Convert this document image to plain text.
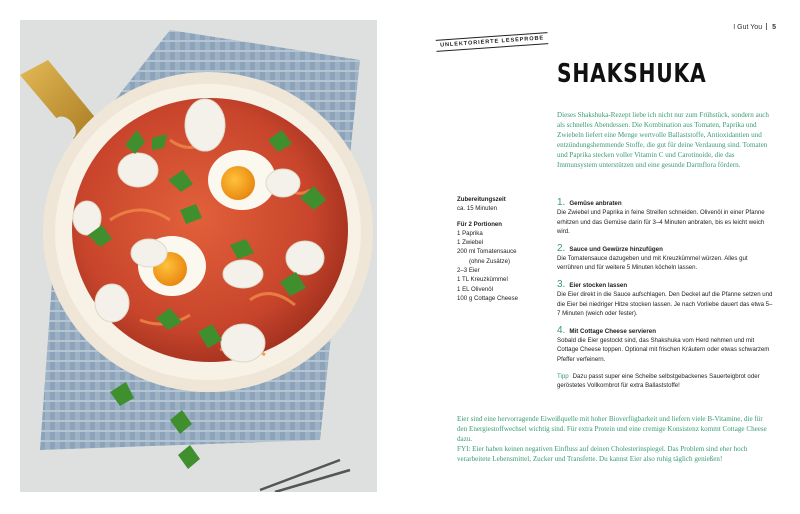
I Gut You 5
UNLEKTORIERTE LESEPROBE
SHAKSHUKA

Dieses Shakshuka-Rezept liebe ich nicht nur zum Frühstück, sondern auch als schnelles Abendessen. Die Kombination aus Tomaten, Paprika und Zwiebeln liefert eine Menge wertvolle Ballaststoffe, Antioxidantien und entzündungshemmende Stoffe, die gut für deine Verdauung sind. Tomaten und Paprika stecken voller Vitamin C und Carotinoide, die das Immunsystem unterstützen und eine gesunde Darmflora fördern.

Zubereitungszeit
ca. 15 Minuten
Für 2 Portionen
1 Paprika
1 Zwiebel
200 ml Tomatensauce
(ohne Zusätze)
2–3 Eier
1 TL Kreuzkümmel
1 EL Olivenöl
100 g Cottage Cheese
1. Gemüse anbraten

Die Zwiebel und Paprika in feine Streifen schneiden. Olivenöl in einer Pfanne erhitzen und das Gemüse darin für 3–4 Minuten anbraten, bis es leicht weich wird.

2. Sauce und Gewürze hinzufügen

Die Tomatensauce dazugeben und mit Kreuzkümmel würzen. Alles gut verrühren und für weitere 5 Minuten köcheln lassen.

3. Eier stocken lassen

Die Eier direkt in die Sauce aufschlagen. Den Deckel auf die Pfanne setzen und die Eier bei niedriger Hitze stocken lassen. Je nach Vorliebe dauert das etwa 5–7 Minuten (weich oder fester).

4. Mit Cottage Cheese servieren

Sobald die Eier gestockt sind, das Shakshuka vom Herd nehmen und mit Cottage Cheese toppen. Optional mit frischen Kräutern oder etwas schwarzem Pfeffer verfeinern.

Tipp Dazu passt super eine Scheibe selbstgebackenes Sauerteigbrot oder geröstetes Vollkornbrot für extra Ballaststoffe!

Eier sind eine hervorragende Eiweißquelle mit hoher Bioverfügbarkeit und liefern viele B-Vitamine, die für den Energiestoffwechsel wichtig sind. Für extra Protein und eine cremige Konsistenz kommt Cottage Cheese dazu.
FYI: Eier haben keinen negativen Einfluss auf deinen Cholesterinspiegel. Das Problem sind eher hoch verarbeitete Lebensmittel, Zucker und Transfette. Du kannst Eier also ruhig täglich genießen!
